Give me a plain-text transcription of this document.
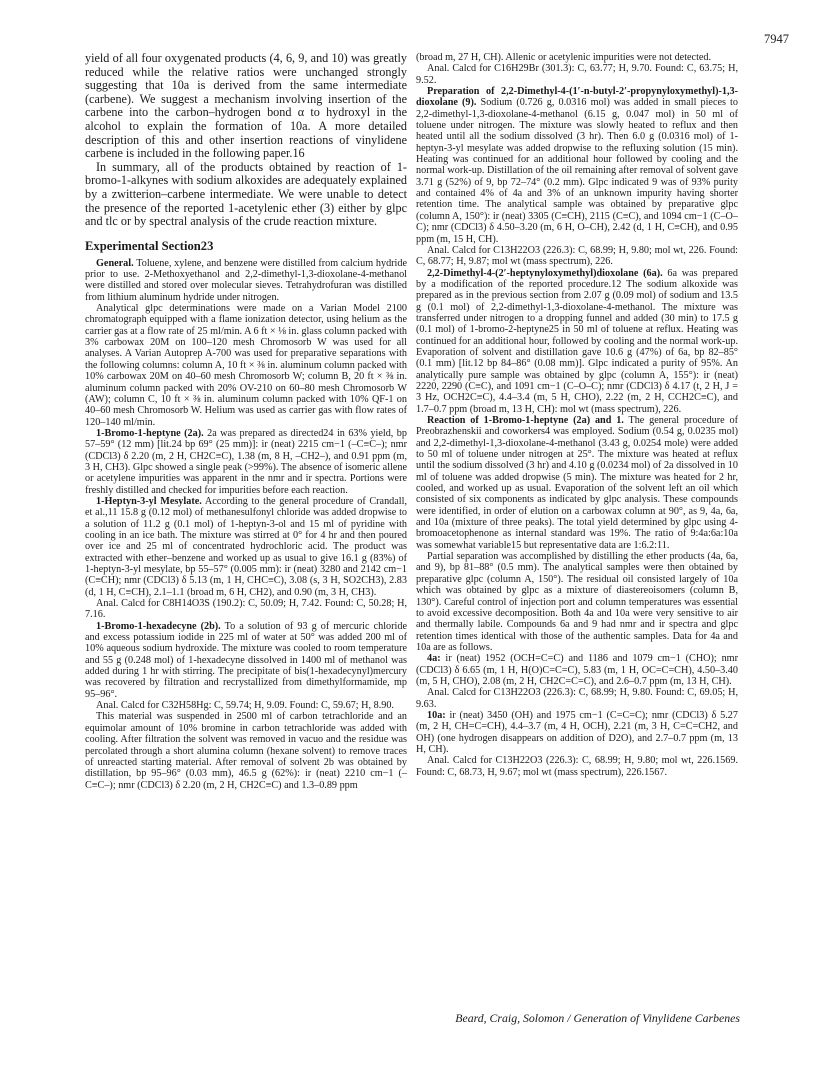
7947

yield of all four oxygenated products (4, 6, 9, and 10) was greatly reduced while the relative ratios were unchanged strongly suggesting that 10a is derived from the same intermediate (carbene). We suggest a mechanism involving insertion of the carbene into the carbon–hydrogen bond α to hydroxyl in the alcohol to explain the formation of 10a. A more detailed description of this and other insertion reactions of vinylidene carbene is included in the following paper.16

In summary, all of the products obtained by reaction of 1-bromo-1-alkynes with sodium alkoxides are adequately explained by a zwitterion–carbene intermediate. We were unable to detect the presence of the reported 1-acetylenic ether (3) either by glpc and tlc or by spectral analysis of the crude reaction mixture.

Experimental Section23

General. Toluene, xylene, and benzene were distilled from calcium hydride prior to use. 2-Methoxyethanol and 2,2-dimethyl-1,3-dioxolane-4-methanol were distilled and stored over molecular sieves. Tetrahydrofuran was distilled from lithium aluminum hydride under nitrogen.

Analytical glpc determinations were made on a Varian Model 2100 chromatograph equipped with a flame ionization detector, using helium as the carrier gas at a flow rate of 25 ml/min. A 6 ft × ⅛ in. glass column packed with 3% carbowax 20M on 100–120 mesh Chromosorb W was used for all analyses. A Varian Autoprep A-700 was used for preparative separations with the following columns: column A, 10 ft × ⅜ in. aluminum column packed with 10% carbowax 20M on 40–60 mesh Chromosorb W; column B, 20 ft × ⅜ in. aluminum column packed with 20% OV-210 on 60–80 mesh Chromosorb W (AW); column C, 10 ft × ⅜ in. aluminum column packed with 10% QF-1 on 40–60 mesh Chromosorb W. Helium was used as carrier gas with flow rates of 120–140 ml/min.

1-Bromo-1-heptyne (2a). 2a was prepared as directed24 in 63% yield, bp 57–59° (12 mm) [lit.24 bp 69° (25 mm)]: ir (neat) 2215 cm−1 (–C≡C–); nmr (CDCl3) δ 2.20 (m, 2 H, CH2C≡C), 1.38 (m, 8 H, –CH2–), and 0.91 ppm (m, 3 H, CH3). Glpc showed a single peak (>99%). The absence of isomeric allene or acetylene impurities was apparent in the nmr and ir spectra. Portions were freshly distilled and checked for impurities before each reaction.

1-Heptyn-3-yl Mesylate. According to the general procedure of Crandall, et al.,11 15.8 g (0.12 mol) of methanesulfonyl chloride was added dropwise to a solution of 11.2 g (0.1 mol) of 1-heptyn-3-ol and 15 ml of pyridine with cooling in an ice bath. The mixture was stirred at 0° for 4 hr and then poured over ice and 25 ml of concentrated hydrochloric acid. The product was extracted with ether–benzene and worked up as usual to give 16.1 g (83%) of 1-heptyn-3-yl mesylate, bp 55–57° (0.005 mm): ir (neat) 3280 and 2142 cm−1 (C≡CH); nmr (CDCl3) δ 5.13 (m, 1 H, CHC≡C), 3.08 (s, 3 H, SO2CH3), 2.83 (d, 1 H, C≡CH), 2.1–1.1 (broad m, 6 H, CH2), and 0.90 (m, 3 H, CH3).

Anal. Calcd for C8H14O3S (190.2): C, 50.09; H, 7.42. Found: C, 50.28; H, 7.16.

1-Bromo-1-hexadecyne (2b). To a solution of 93 g of mercuric chloride and excess potassium iodide in 225 ml of water at 50° was added 200 ml of 10% aqueous sodium hydroxide. The mixture was cooled to room temperature and 55 g (0.248 mol) of 1-hexadecyne dissolved in 1400 ml of methanol was added during 1 hr with stirring. The precipitate of bis(1-hexadecynyl)mercury was recovered by filtration and recrystallized from dimethylformamide, mp 95–96°.

Anal. Calcd for C32H58Hg: C, 59.74; H, 9.09. Found: C, 59.67; H, 8.90.

This material was suspended in 2500 ml of carbon tetrachloride and an equimolar amount of 10% bromine in carbon tetrachloride was added with cooling. After filtration the solvent was removed in vacuo and the residue was percolated through a short alumina column (hexane solvent) to remove traces of unreacted starting material. After removal of solvent 2b was obtained by distillation, bp 95–96° (0.03 mm), 46.5 g (62%): ir (neat) 2210 cm−1 (–C≡C–); nmr (CDCl3) δ 2.20 (m, 2 H, CH2C≡C) and 1.3–0.89 ppm

(broad m, 27 H, CH). Allenic or acetylenic impurities were not detected.

Anal. Calcd for C16H29Br (301.3): C, 63.77; H, 9.70. Found: C, 63.75; H, 9.52.

Preparation of 2,2-Dimethyl-4-(1′-n-butyl-2′-propynyloxymethyl)-1,3-dioxolane (9). Sodium (0.726 g, 0.0316 mol) was added in small pieces to 2,2-dimethyl-1,3-dioxolane-4-methanol (6.15 g, 0.047 mol) in 50 ml of toluene under nitrogen. The mixture was slowly heated to reflux and then heated until all the sodium dissolved (3 hr). Then 6.0 g (0.0316 mol) of 1-heptyn-3-yl mesylate was added dropwise to the refluxing solution (15 min). Heating was continued for an additional hour followed by cooling and the normal work-up. Distillation of the oil remaining after removal of solvent gave 3.71 g (52%) of 9, bp 72–74° (0.2 mm). Glpc indicated 9 was of 93% purity and contained 4% of 4a and 3% of an unknown impurity having shorter retention time. The analytical sample was obtained by preparative glpc (column A, 150°): ir (neat) 3305 (C≡CH), 2115 (C≡C), and 1094 cm−1 (C–O–C); nmr (CDCl3) δ 4.50–3.20 (m, 6 H, O–CH), 2.42 (d, 1 H, C≡CH), and 0.95 ppm (m, 15 H, CH).

Anal. Calcd for C13H22O3 (226.3): C, 68.99; H, 9.80; mol wt, 226. Found: C, 68.77; H, 9.87; mol wt (mass spectrum), 226.

2,2-Dimethyl-4-(2′-heptynyloxymethyl)dioxolane (6a). 6a was prepared by a modification of the reported procedure.12 The sodium alkoxide was prepared as in the previous section from 2.07 g (0.09 mol) of sodium and 13.5 g (0.1 mol) of 2,2-dimethyl-1,3-dioxolane-4-methanol. The mixture was transferred under nitrogen to a dropping funnel and added (30 min) to 17.5 g (0.1 mol) of 1-bromo-2-heptyne25 in 50 ml of toluene at reflux. Heating was continued for an additional hour, followed by cooling and the normal work-up. Evaporation of solvent and distillation gave 10.6 g (47%) of 6a, bp 82–85° (0.1 mm) [lit.12 bp 84–86° (0.08 mm)]. Glpc indicated a purity of 95%. An analytically pure sample was obtained by glpc (column A, 155°): ir (neat) 2220, 2290 (C≡C), and 1091 cm−1 (C–O–C); nmr (CDCl3) δ 4.17 (t, 2 H, J = 3 Hz, OCH2C≡C), 4.4–3.4 (m, 5 H, CHO), 2.22 (m, 2 H, CCH2C≡C), and 1.7–0.7 ppm (broad m, 13 H, CH): mol wt (mass spectrum), 226.

Reaction of 1-Bromo-1-heptyne (2a) and 1. The general procedure of Preobrazhenskii and coworkers4 was employed. Sodium (0.54 g, 0.0235 mol) and 2,2-dimethyl-1,3-dioxolane-4-methanol (3.43 g, 0.0254 mole) were added to 50 ml of toluene under nitrogen at 25°. The mixture was heated at reflux until the sodium dissolved (3 hr) and 4.10 g (0.0234 mol) of 2a dissolved in 10 ml of toluene was added dropwise (5 min). The mixture was heated for 2 hr, cooled, and worked up as usual. Evaporation of the solvent left an oil which consisted of six components as indicated by glpc analysis. These compounds were identified, in order of elution on a carbowax column at 90°, as 9, 4a, 6a, and 10a (mixture of three peaks). The total yield determined by glpc using 4-bromoacetophenone as internal standard was 19%. The ratio of 9:4a:6a:10a was somewhat variable15 but representative data are 1:6.2:11.

Partial separation was accomplished by distilling the ether products (4a, 6a, and 9), bp 81–88° (0.5 mm). The analytical samples were then obtained by preparative glpc (column A, 150°). The residual oil consisted largely of 10a which was obtained by glpc as a mixture of diastereoisomers (column B, 130°). Careful control of injection port and column temperatures was essential to avoid excessive decomposition. Both 4a and 10a were very sensitive to air and thermally labile. Compounds 6a and 9 had nmr and ir spectra and glpc retention times identical with those of the authentic samples. Data for 4a and 10a are as follows.

4a: ir (neat) 1952 (OCH=C=C) and 1186 and 1079 cm−1 (CHO); nmr (CDCl3) δ 6.65 (m, 1 H, H(O)C=C=C), 5.83 (m, 1 H, OC=C=CH), 4.50–3.40 (m, 5 H, CHO), 2.08 (m, 2 H, CH2C=C=C), and 2.6–0.7 ppm (m, 13 H, CH).

Anal. Calcd for C13H22O3 (226.3): C, 68.99; H, 9.80. Found: C, 69.05; H, 9.63.

10a: ir (neat) 3450 (OH) and 1975 cm−1 (C=C=C); nmr (CDCl3) δ 5.27 (m, 2 H, CH=C=CH), 4.4–3.7 (m, 4 H, OCH), 2.21 (m, 3 H, C=C=CH2, and OH) (one hydrogen disappears on addition of D2O), and 2.7–0.7 ppm (m, 13 H, CH).

Anal. Calcd for C13H22O3 (226.3): C, 68.99; H, 9.80; mol wt, 226.1569. Found: C, 68.73, H, 9.67; mol wt (mass spectrum), 226.1567.

Beard, Craig, Solomon / Generation of Vinylidene Carbenes
